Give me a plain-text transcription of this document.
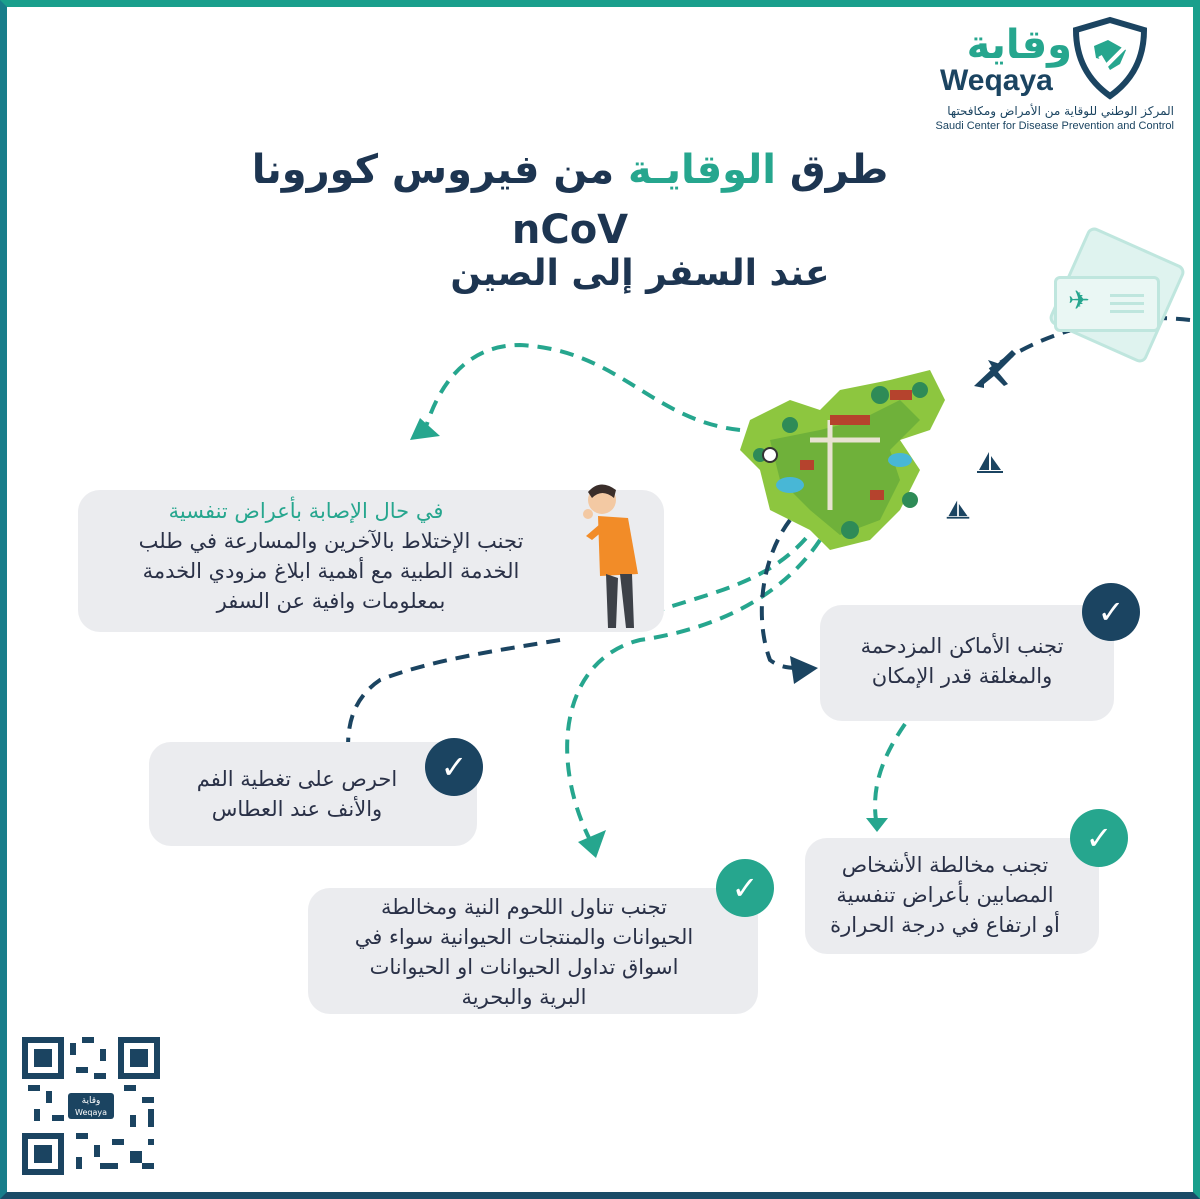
وقاية
Weqaya
المركز الوطني للوقاية من الأمراض ومكافحتها
Saudi Center for Disease Prevention and Control
طرق الوقايـة من فيروس كورونا nCoV
عند السفر إلى الصين
✈
في حال الإصابة بأعراض تنفسية
تجنب الإختلاط بالآخرين والمسارعة في طلب
الخدمة الطبية مع أهمية ابلاغ مزودي الخدمة
بمعلومات وافية عن السفر
تجنب الأماكن المزدحمة
والمغلقة قدر الإمكان
✓
احرص على تغطية الفم
والأنف عند العطاس
✓
تجنب مخالطة الأشخاص
المصابين بأعراض تنفسية
أو ارتفاع في درجة الحرارة
✓
تجنب تناول اللحوم النية ومخالطة
الحيوانات والمنتجات الحيوانية سواء في
اسواق تداول الحيوانات او الحيوانات
البرية والبحرية
✓
وقاية
Weqaya
